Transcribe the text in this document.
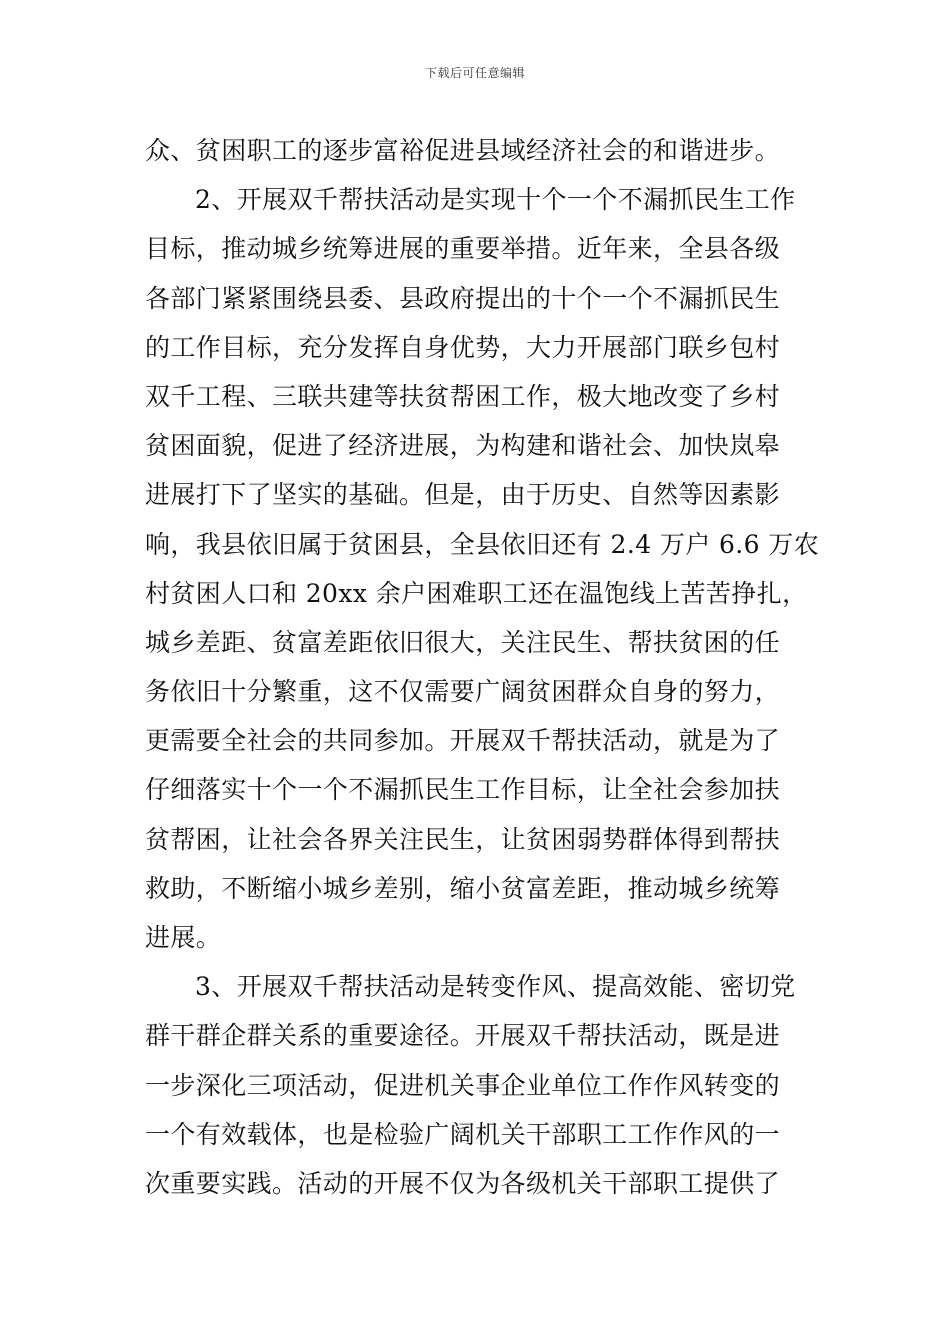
下载后可任意编辑
众、贫困职工的逐步富裕促进县域经济社会的和谐进步。
2、开展双千帮扶活动是实现十个一个不漏抓民生工作
目标，推动城乡统筹进展的重要举措。近年来，全县各级
各部门紧紧围绕县委、县政府提出的十个一个不漏抓民生
的工作目标，充分发挥自身优势，大力开展部门联乡包村
双千工程、三联共建等扶贫帮困工作，极大地改变了乡村
贫困面貌，促进了经济进展，为构建和谐社会、加快岚皋
进展打下了坚实的基础。但是，由于历史、自然等因素影
响，我县依旧属于贫困县，全县依旧还有 2.4 万户 6.6 万农
村贫困人口和 20xx 余户困难职工还在温饱线上苦苦挣扎，
城乡差距、贫富差距依旧很大，关注民生、帮扶贫困的任
务依旧十分繁重，这不仅需要广阔贫困群众自身的努力，
更需要全社会的共同参加。开展双千帮扶活动，就是为了
仔细落实十个一个不漏抓民生工作目标，让全社会参加扶
贫帮困，让社会各界关注民生，让贫困弱势群体得到帮扶
救助，不断缩小城乡差别，缩小贫富差距，推动城乡统筹
进展。
3、开展双千帮扶活动是转变作风、提高效能、密切党
群干群企群关系的重要途径。开展双千帮扶活动，既是进
一步深化三项活动，促进机关事企业单位工作作风转变的
一个有效载体，也是检验广阔机关干部职工工作作风的一
次重要实践。活动的开展不仅为各级机关干部职工提供了
